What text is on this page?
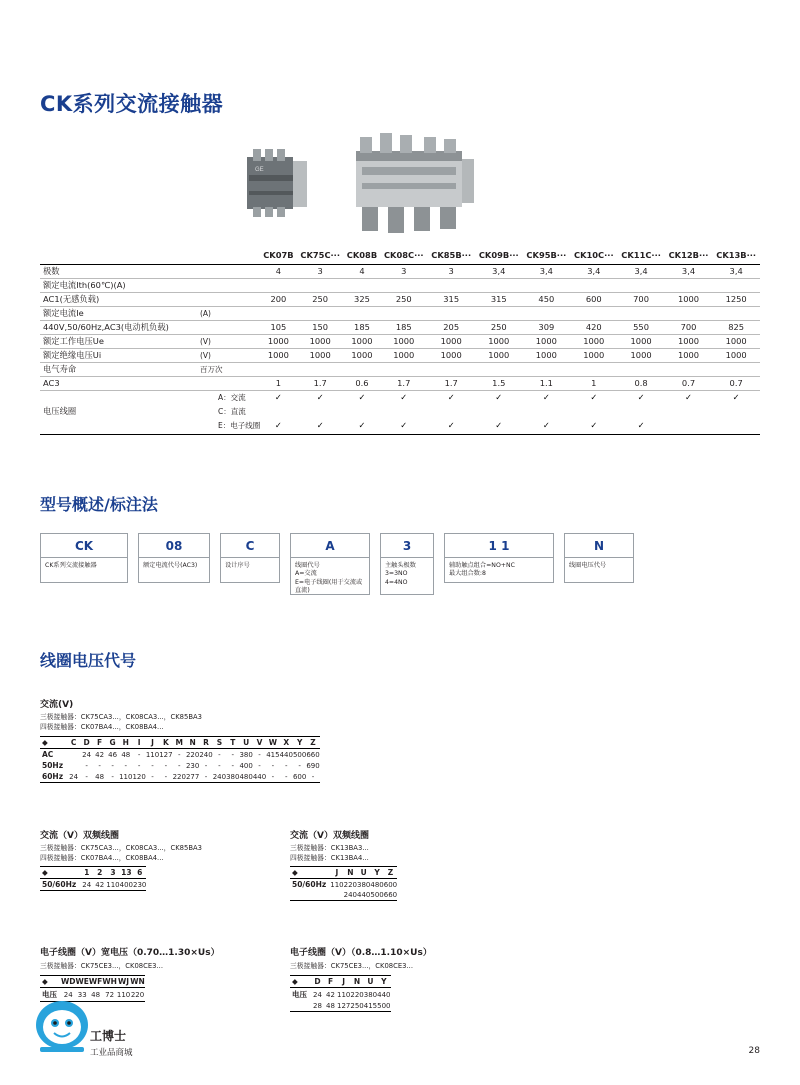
CK系列交流接触器
GE
		CK07B	CK75C···	CK08B	CK08C···	CK85B···	CK09B···	CK95B···	CK10C···	CK11C···	CK12B···	CK13B···
极数		4	3	4	3	3	3,4	3,4	3,4	3,4	3,4	3,4
额定电流Ith(60℃)(A)												
AC1(无感负载)		200	250	325	250	315	315	450	600	700	1000	1250
额定电流Ie	(A)											
440V,50/60Hz,AC3(电动机负载)		105	150	185	185	205	250	309	420	550	700	825
额定工作电压Ue	(V)	1000	1000	1000	1000	1000	1000	1000	1000	1000	1000	1000
额定绝缘电压Ui	(V)	1000	1000	1000	1000	1000	1000	1000	1000	1000	1000	1000
电气寿命	百万次											
AC3		1	1.7	0.6	1.7	1.7	1.5	1.1	1	0.8	0.7	0.7
	A：交流	✓	✓	✓	✓	✓	✓	✓	✓	✓	✓	✓
电压线圈	C：直流											
	E：电子线圈	✓	✓	✓	✓	✓	✓	✓	✓	✓		

型号概述/标注法
CK
CK系列交流接触器
08
额定电流代号(AC3)
C
设计序号
A
线圈代号
A=交流
E=电子线圈(用于交流或直流)
3
主触头极数
3=3NO
4=4NO
1 1
辅助触点组合=NO+NC
最大组合数:8
N
线圈电压代号
线圈电压代号
交流(V)
三极接触器：CK75CA3...，CK08CA3...，CK85BA3
四极接触器：CK07BA4...，CK08BA4...
◆	C	D	F	G	H	I	J	K	M	N	R	S	T	U	V	W	X	Y	Z
AC		24	42	46	48	-	110	127	-	220	240	-	-	380	-	415	440	500	660
50Hz		-	-	-	-	-	-	-	-	230	-	-	-	400	-	-	-	-	690
60Hz	24	-	48	-	110	120	-	-	220	277	-	240	380	480	440	-	-	600	-
交流（V）双频线圈
三极接触器：CK75CA3...，CK08CA3...，CK85BA3
四极接触器：CK07BA4...，CK08BA4...
◆	1	2	3	13	6
50/60Hz	24	42	110	400	230
交流（V）双频线圈
三极接触器：CK13BA3...
四极接触器：CK13BA4...
◆	J	N	U	Y	Z
50/60Hz	110	220	380	480	600
		240	440	500	660
电子线圈（V）宽电压（0.70…1.30×Us）
三极接触器：CK75CE3...，CK08CE3...
◆	WD	WE	WF	WH	WJ	WN
电压	24	33	48	72	110	220
电子线圈（V）（0.8…1.10×Us）
三极接触器：CK75CE3...，CK08CE3...
◆	D	F	J	N	U	Y
电压	24	42	110	220	380	440
	28	48	127	250	415	500
工博士
工业品商城	28
